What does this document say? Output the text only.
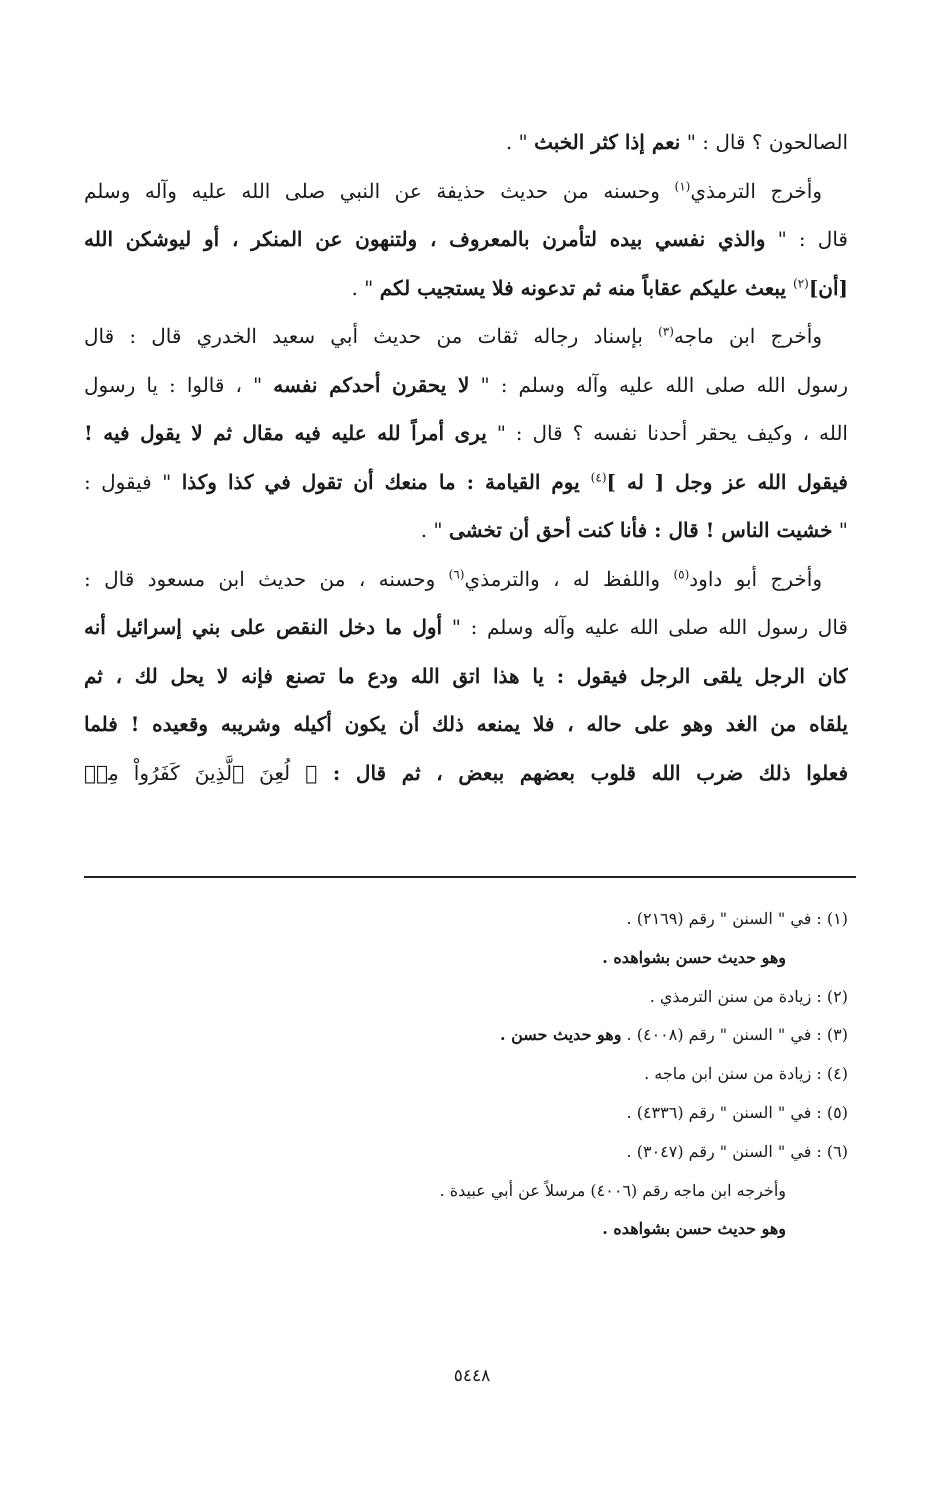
الصالحون ؟ قال : " نعم إذا كثر الخبث " .
وأخرج الترمذي$^{(١)}$ وحسنه من حديث حذيفة عن النبي صلى الله عليه وآله وسلم
قال : " والذي نفسي بيده لتأمرن بالمعروف ، ولتنهون عن المنكر ، أو ليوشكن الله
[أن]$^{(٢)}$ يبعث عليكم عقاباً منه ثم تدعونه فلا يستجيب لكم " .
وأخرج ابن ماجه$^{(٣)}$ بإسناد رجاله ثقات من حديث أبي سعيد الخدري قال : قال
رسول الله صلى الله عليه وآله وسلم : " لا يحقرن أحدكم نفسه " ، قالوا : يا رسول
الله ، وكيف يحقر أحدنا نفسه ؟ قال : " يرى أمراً لله عليه فيه مقال ثم لا يقول فيه !
فيقول الله عز وجل [ له ]$^{(٤)}$ يوم القيامة : ما منعك أن تقول في كذا وكذا " فيقول :
" خشيت الناس ! قال : فأنا كنت أحق أن تخشى " .
وأخرج أبو داود$^{(٥)}$ واللفظ له ، والترمذي$^{(٦)}$ وحسنه ، من حديث ابن مسعود قال :
قال رسول الله صلى الله عليه وآله وسلم : " أول ما دخل النقص على بني إسرائيل أنه
كان الرجل يلقى الرجل فيقول : يا هذا اتق الله ودع ما تصنع فإنه لا يحل لك ، ثم
يلقاه من الغد وهو على حاله ، فلا يمنعه ذلك أن يكون أكيله وشريبه وقعيده ! فلما
فعلوا ذلك ضرب الله قلوب بعضهم ببعض ، ثم قال : ﴿ لُعِنَ ٱلَّذِينَ كَفَرُواْ مِنۢ
(١) : في " السنن " رقم (٢١٦٩) .
وهو حديث حسن بشواهده .
(٢) : زيادة من سنن الترمذي .
(٣) : في " السنن " رقم (٤٠٠٨) . وهو حديث حسن .
(٤) : زيادة من سنن ابن ماجه .
(٥) : في " السنن " رقم (٤٣٣٦) .
(٦) : في " السنن " رقم (٣٠٤٧) .
وأخرجه ابن ماجه رقم (٤٠٠٦) مرسلاً عن أبي عبيدة .
وهو حديث حسن بشواهده .
٥٤٤٨
